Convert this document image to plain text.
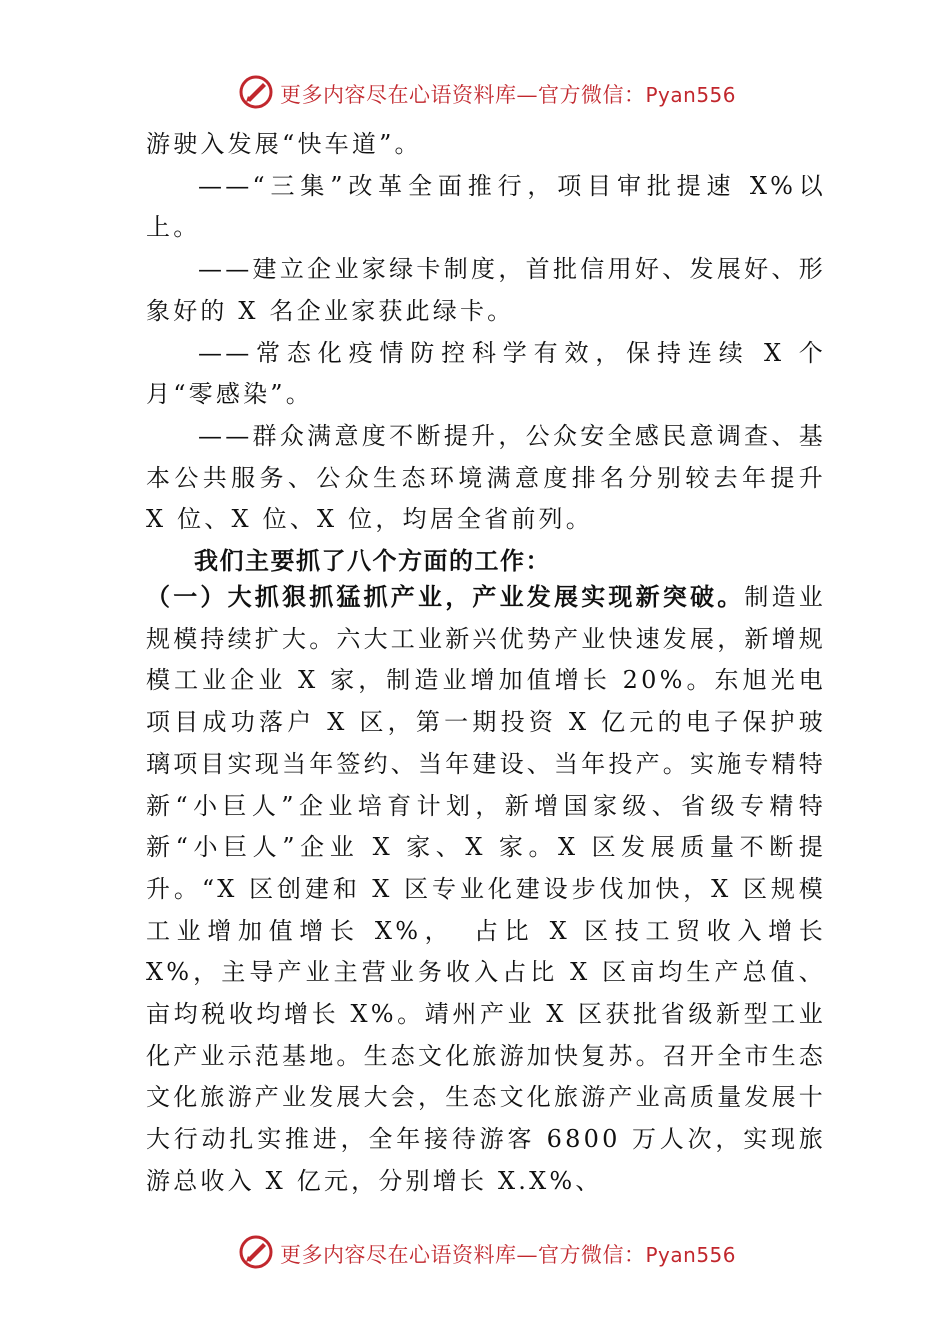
更多内容尽在心语资料库—官方微信：Pyan556

游驶入发展“快车道”。

——“三集”改革全面推行，项目审批提速 X%以上。

——建立企业家绿卡制度，首批信用好、发展好、形象好的 X 名企业家获此绿卡。

——常态化疫情防控科学有效，保持连续 X 个月“零感染”。

——群众满意度不断提升，公众安全感民意调查、基本公共服务、公众生态环境满意度排名分别较去年提升 X 位、X 位、X 位，均居全省前列。

我们主要抓了八个方面的工作：

（一）大抓狠抓猛抓产业，产业发展实现新突破。制造业规模持续扩大。六大工业新兴优势产业快速发展，新增规模工业企业 X 家，制造业增加值增长 20%。东旭光电项目成功落户 X 区，第一期投资 X 亿元的电子保护玻璃项目实现当年签约、当年建设、当年投产。实施专精特新“小巨人”企业培育计划，新增国家级、省级专精特新“小巨人”企业 X 家、X 家。X 区发展质量不断提升。“X 区创建和 X 区专业化建设步伐加快，X 区规模工业增加值增长 X%，　占比 X 区技工贸收入增长 X%，主导产业主营业务收入占比 X 区亩均生产总值、亩均税收均增长 X%。靖州产业 X 区获批省级新型工业化产业示范基地。生态文化旅游加快复苏。召开全市生态文化旅游产业发展大会，生态文化旅游产业高质量发展十大行动扎实推进，全年接待游客 6800 万人次，实现旅游总收入 X 亿元，分别增长 X.X%、

更多内容尽在心语资料库—官方微信：Pyan556
